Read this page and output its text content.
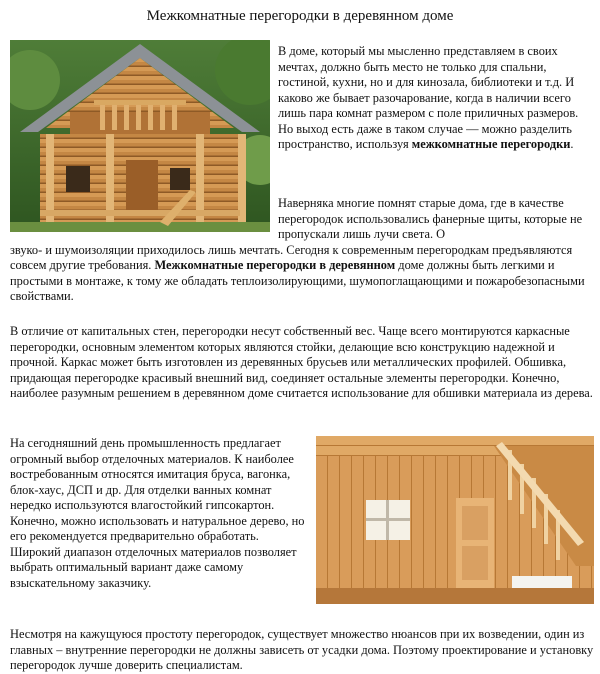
Межкомнатные перегородки в деревянном доме

В доме, который мы мысленно представляем в своих мечтах, должно быть место не только для спальни, гостиной, кухни, но и для кинозала, библиотеки и т.д. И каково же бывает разочарование, когда в наличии всего лишь пара комнат размером с поле приличных размеров. Но выход есть даже в таком случае — можно разделить пространство, используя межкомнатные перегородки.

Наверняка многие помнят старые дома, где в качестве перегородок использовались фанерные щиты, которые не пропускали лишь лучи света. О

звуко- и шумоизоляции приходилось лишь мечтать. Сегодня к современным перегородкам предъявляются совсем другие требования. Межкомнатные перегородки в деревянном доме должны быть легкими и простыми в монтаже, к тому же обладать теплоизолирующими, шумопоглащающими и пожаробезопасными свойствами.

В отличие от капитальных стен, перегородки несут собственный вес. Чаще всего монтируются каркасные перегородки, основным элементом которых являются стойки, делающие всю конструкцию надежной и прочной. Каркас может быть изготовлен из деревянных брусьев или металлических профилей. Обшивка, придающая перегородке красивый внешний вид, соединяет остальные элементы перегородки. Конечно, наиболее разумным решением в деревянном доме считается использование для обшивки материала из дерева.

На сегодняшний день промышленность предлагает огромный выбор отделочных материалов. К наиболее востребованным относятся имитация бруса, вагонка, блок-хаус, ДСП и др. Для отделки ванных комнат нередко используются влагостойкий гипсокартон. Конечно, можно использовать и натуральное дерево, но его рекомендуется предварительно обработать. Широкий диапазон отделочных материалов позволяет выбрать оптимальный вариант даже самому взыскательному заказчику.

Несмотря на кажущуюся простоту перегородок, существует множество нюансов при их возведении, один из главных – внутренние перегородки не должны зависеть от усадки дома. Поэтому проектирование и установку перегородок лучше доверить специалистам.
